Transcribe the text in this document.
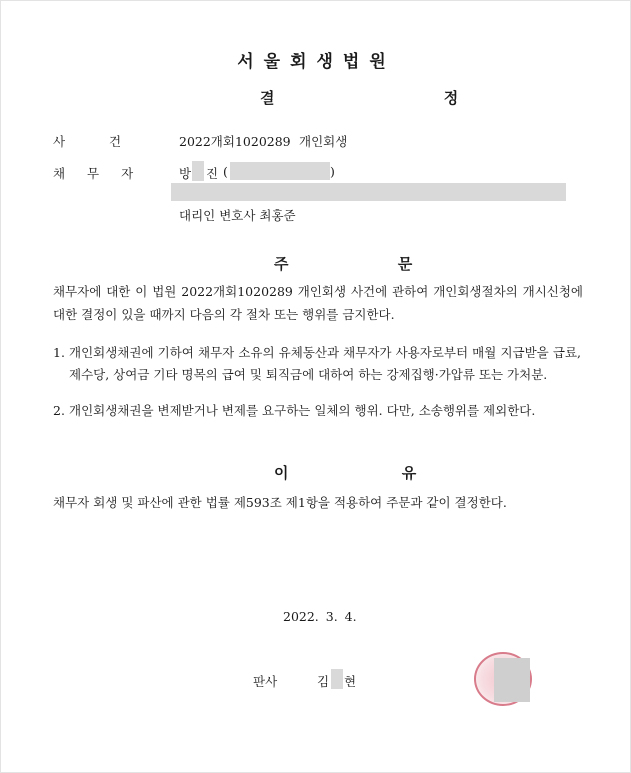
서울회생법원
결 정
사 건	2022개회1020289 개인회생
채 무 자	방 진 (	)
대리인 변호사 최홍준
주 문
채무자에 대한 이 법원 2022개회1020289 개인회생 사건에 관하여 개인회생절차의 개시신청에 대한 결정이 있을 때까지 다음의 각 절차 또는 행위를 금지한다.
1. 개인회생채권에 기하여 채무자 소유의 유체동산과 채무자가 사용자로부터 매월 지급받을 급료, 제수당, 상여금 기타 명목의 급여 및 퇴직금에 대하여 하는 강제집행·가압류 또는 가처분.
2. 개인회생채권을 변제받거나 변제를 요구하는 일체의 행위. 다만, 소송행위를 제외한다.
이 유
채무자 회생 및 파산에 관한 법률 제593조 제1항을 적용하여 주문과 같이 결정한다.
2022. 3. 4.
판사	김 현
